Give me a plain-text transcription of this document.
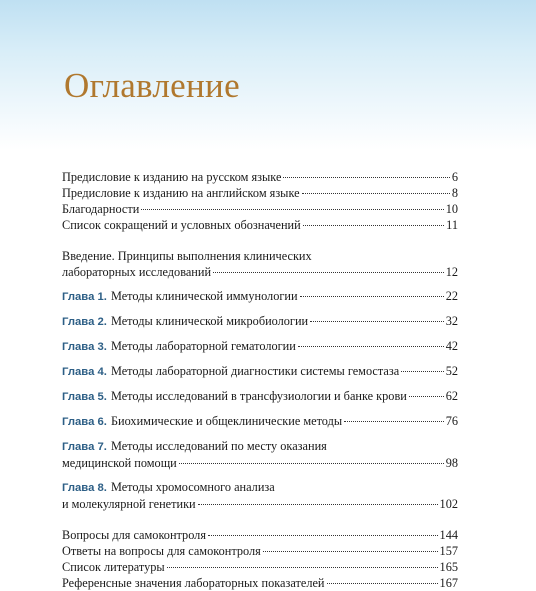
Оглавление
Предисловие к изданию на русском языке	6
Предисловие к изданию на английском языке	8
Благодарности	10
Список сокращений и условных обозначений	11
Введение. Принципы выполнения клинических
лабораторных исследований	12
Глава 1. Методы клинической иммунологии	22
Глава 2. Методы клинической микробиологии	32
Глава 3. Методы лабораторной гематологии	42
Глава 4. Методы лабораторной диагностики системы гемостаза	52
Глава 5. Методы исследований в трансфузиологии и банке крови	62
Глава 6. Биохимические и общеклинические методы	76
Глава 7. Методы исследований по месту оказания
медицинской помощи	98
Глава 8. Методы хромосомного анализа
и молекулярной генетики	102
Вопросы для самоконтроля	144
Ответы на вопросы для самоконтроля	157
Список литературы	165
Референсные значения лабораторных показателей	167
